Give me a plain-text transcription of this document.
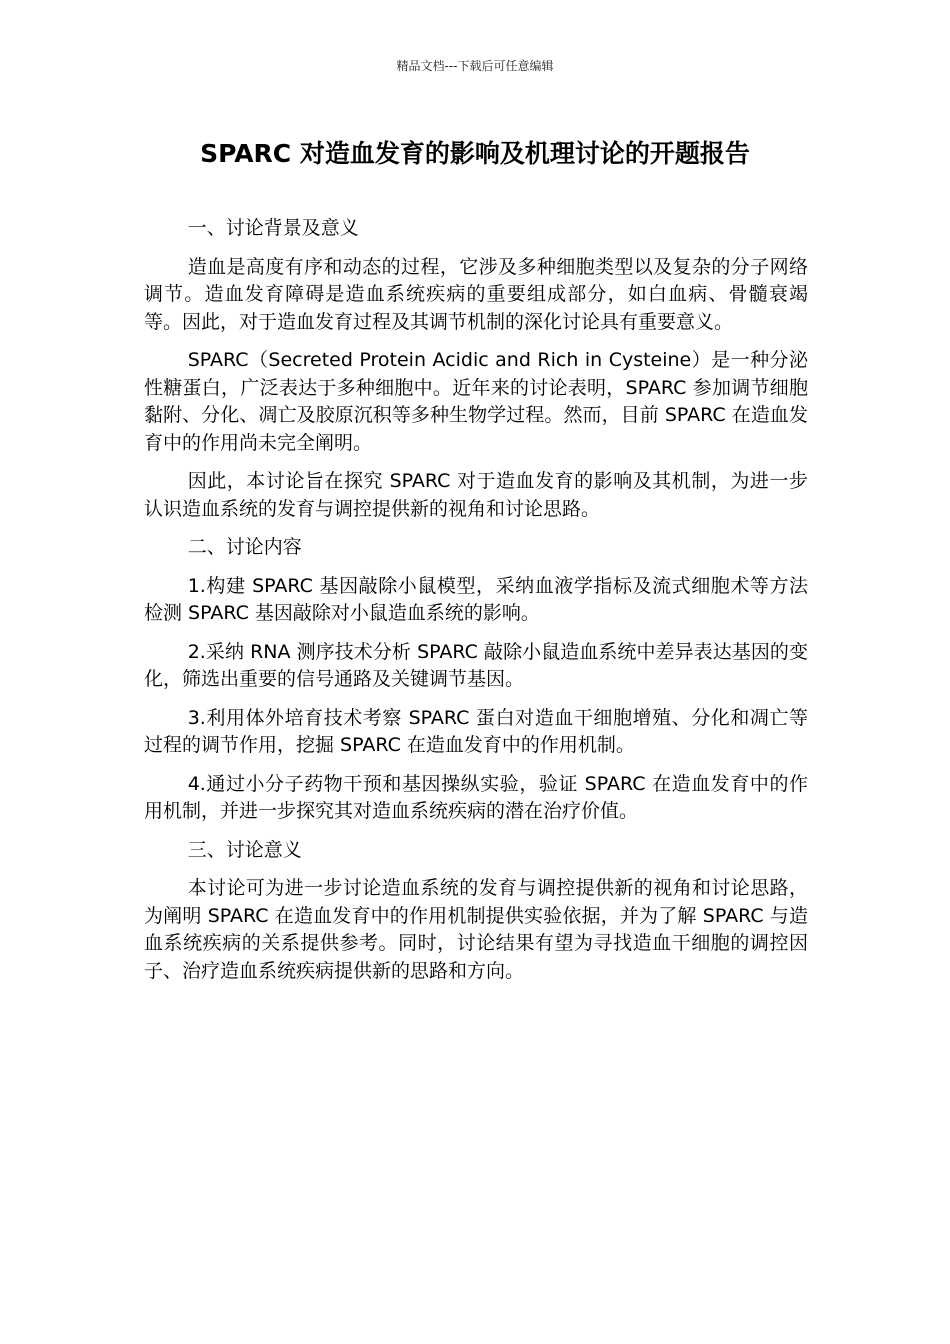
精品文档---下载后可任意编辑
SPARC 对造血发育的影响及机理讨论的开题报告

一、讨论背景及意义

造血是高度有序和动态的过程，它涉及多种细胞类型以及复杂的分子网络调节。造血发育障碍是造血系统疾病的重要组成部分，如白血病、骨髓衰竭等。因此，对于造血发育过程及其调节机制的深化讨论具有重要意义。

SPARC（Secreted Protein Acidic and Rich in Cysteine）是一种分泌性糖蛋白，广泛表达于多种细胞中。近年来的讨论表明，SPARC 参加调节细胞黏附、分化、凋亡及胶原沉积等多种生物学过程。然而，目前 SPARC 在造血发育中的作用尚未完全阐明。

因此，本讨论旨在探究 SPARC 对于造血发育的影响及其机制，为进一步认识造血系统的发育与调控提供新的视角和讨论思路。

二、讨论内容

1.构建 SPARC 基因敲除小鼠模型，采纳血液学指标及流式细胞术等方法检测 SPARC 基因敲除对小鼠造血系统的影响。

2.采纳 RNA 测序技术分析 SPARC 敲除小鼠造血系统中差异表达基因的变化，筛选出重要的信号通路及关键调节基因。

3.利用体外培育技术考察 SPARC 蛋白对造血干细胞增殖、分化和凋亡等过程的调节作用，挖掘 SPARC 在造血发育中的作用机制。

4.通过小分子药物干预和基因操纵实验，验证 SPARC 在造血发育中的作用机制，并进一步探究其对造血系统疾病的潜在治疗价值。

三、讨论意义

本讨论可为进一步讨论造血系统的发育与调控提供新的视角和讨论思路，为阐明 SPARC 在造血发育中的作用机制提供实验依据，并为了解 SPARC 与造血系统疾病的关系提供参考。同时，讨论结果有望为寻找造血干细胞的调控因子、治疗造血系统疾病提供新的思路和方向。
